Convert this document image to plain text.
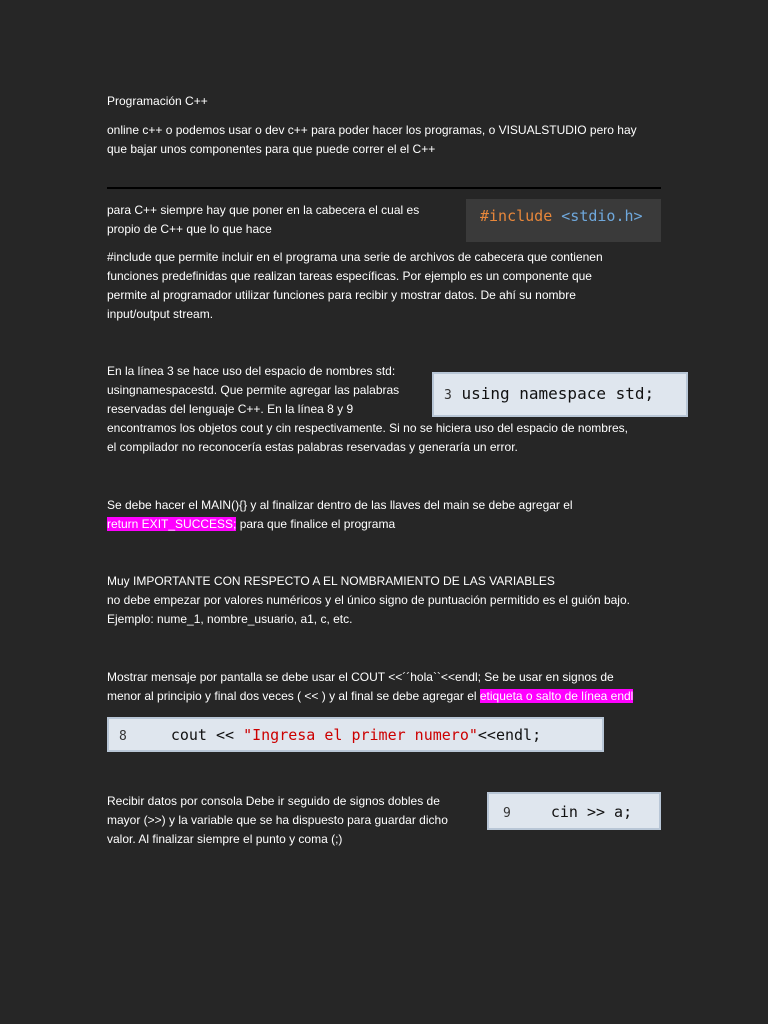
Programación C++
online c++ o podemos usar o dev c++ para poder hacer los programas, o VISUALSTUDIO pero hay
que bajar unos componentes para que puede correr el el C++
para C++ siempre hay que poner en la cabecera el cual es
propio de C++ que lo que hace
#include <stdio.h>
#include que permite incluir en el programa una serie de archivos de cabecera que contienen
funciones predefinidas que realizan tareas específicas. Por ejemplo es un componente que
permite al programador utilizar funciones para recibir y mostrar datos. De ahí su nombre
input/output stream.
En la línea 3 se hace uso del espacio de nombres std:
usingnamespacestd. Que permite agregar las palabras
reservadas del lenguaje C++. En la línea 8 y 9
encontramos los objetos cout y cin respectivamente. Si no se hiciera uso del espacio de nombres,
el compilador no reconocería estas palabras reservadas y generaría un error.
3 using namespace std;
Se debe hacer el MAIN(){} y al finalizar dentro de las llaves del main se debe agregar el
return EXIT_SUCCESS; para que finalice el programa
Muy IMPORTANTE CON RESPECTO A EL NOMBRAMIENTO DE LAS VARIABLES
no debe empezar por valores numéricos y el único signo de puntuación permitido es el guión bajo.
Ejemplo: nume_1, nombre_usuario, a1, c, etc.
Mostrar mensaje por pantalla se debe usar el COUT <<´´hola``<<endl; Se be usar en signos de
menor al principio y final dos veces ( << ) y al final se debe agregar el etiqueta o salto de línea endl
8	cout << "Ingresa el primer numero"<<endl;
Recibir datos por consola Debe ir seguido de signos dobles de
mayor (>>) y la variable que se ha dispuesto para guardar dicho
valor. Al finalizar siempre el punto y coma (;)
9	cin >> a;
